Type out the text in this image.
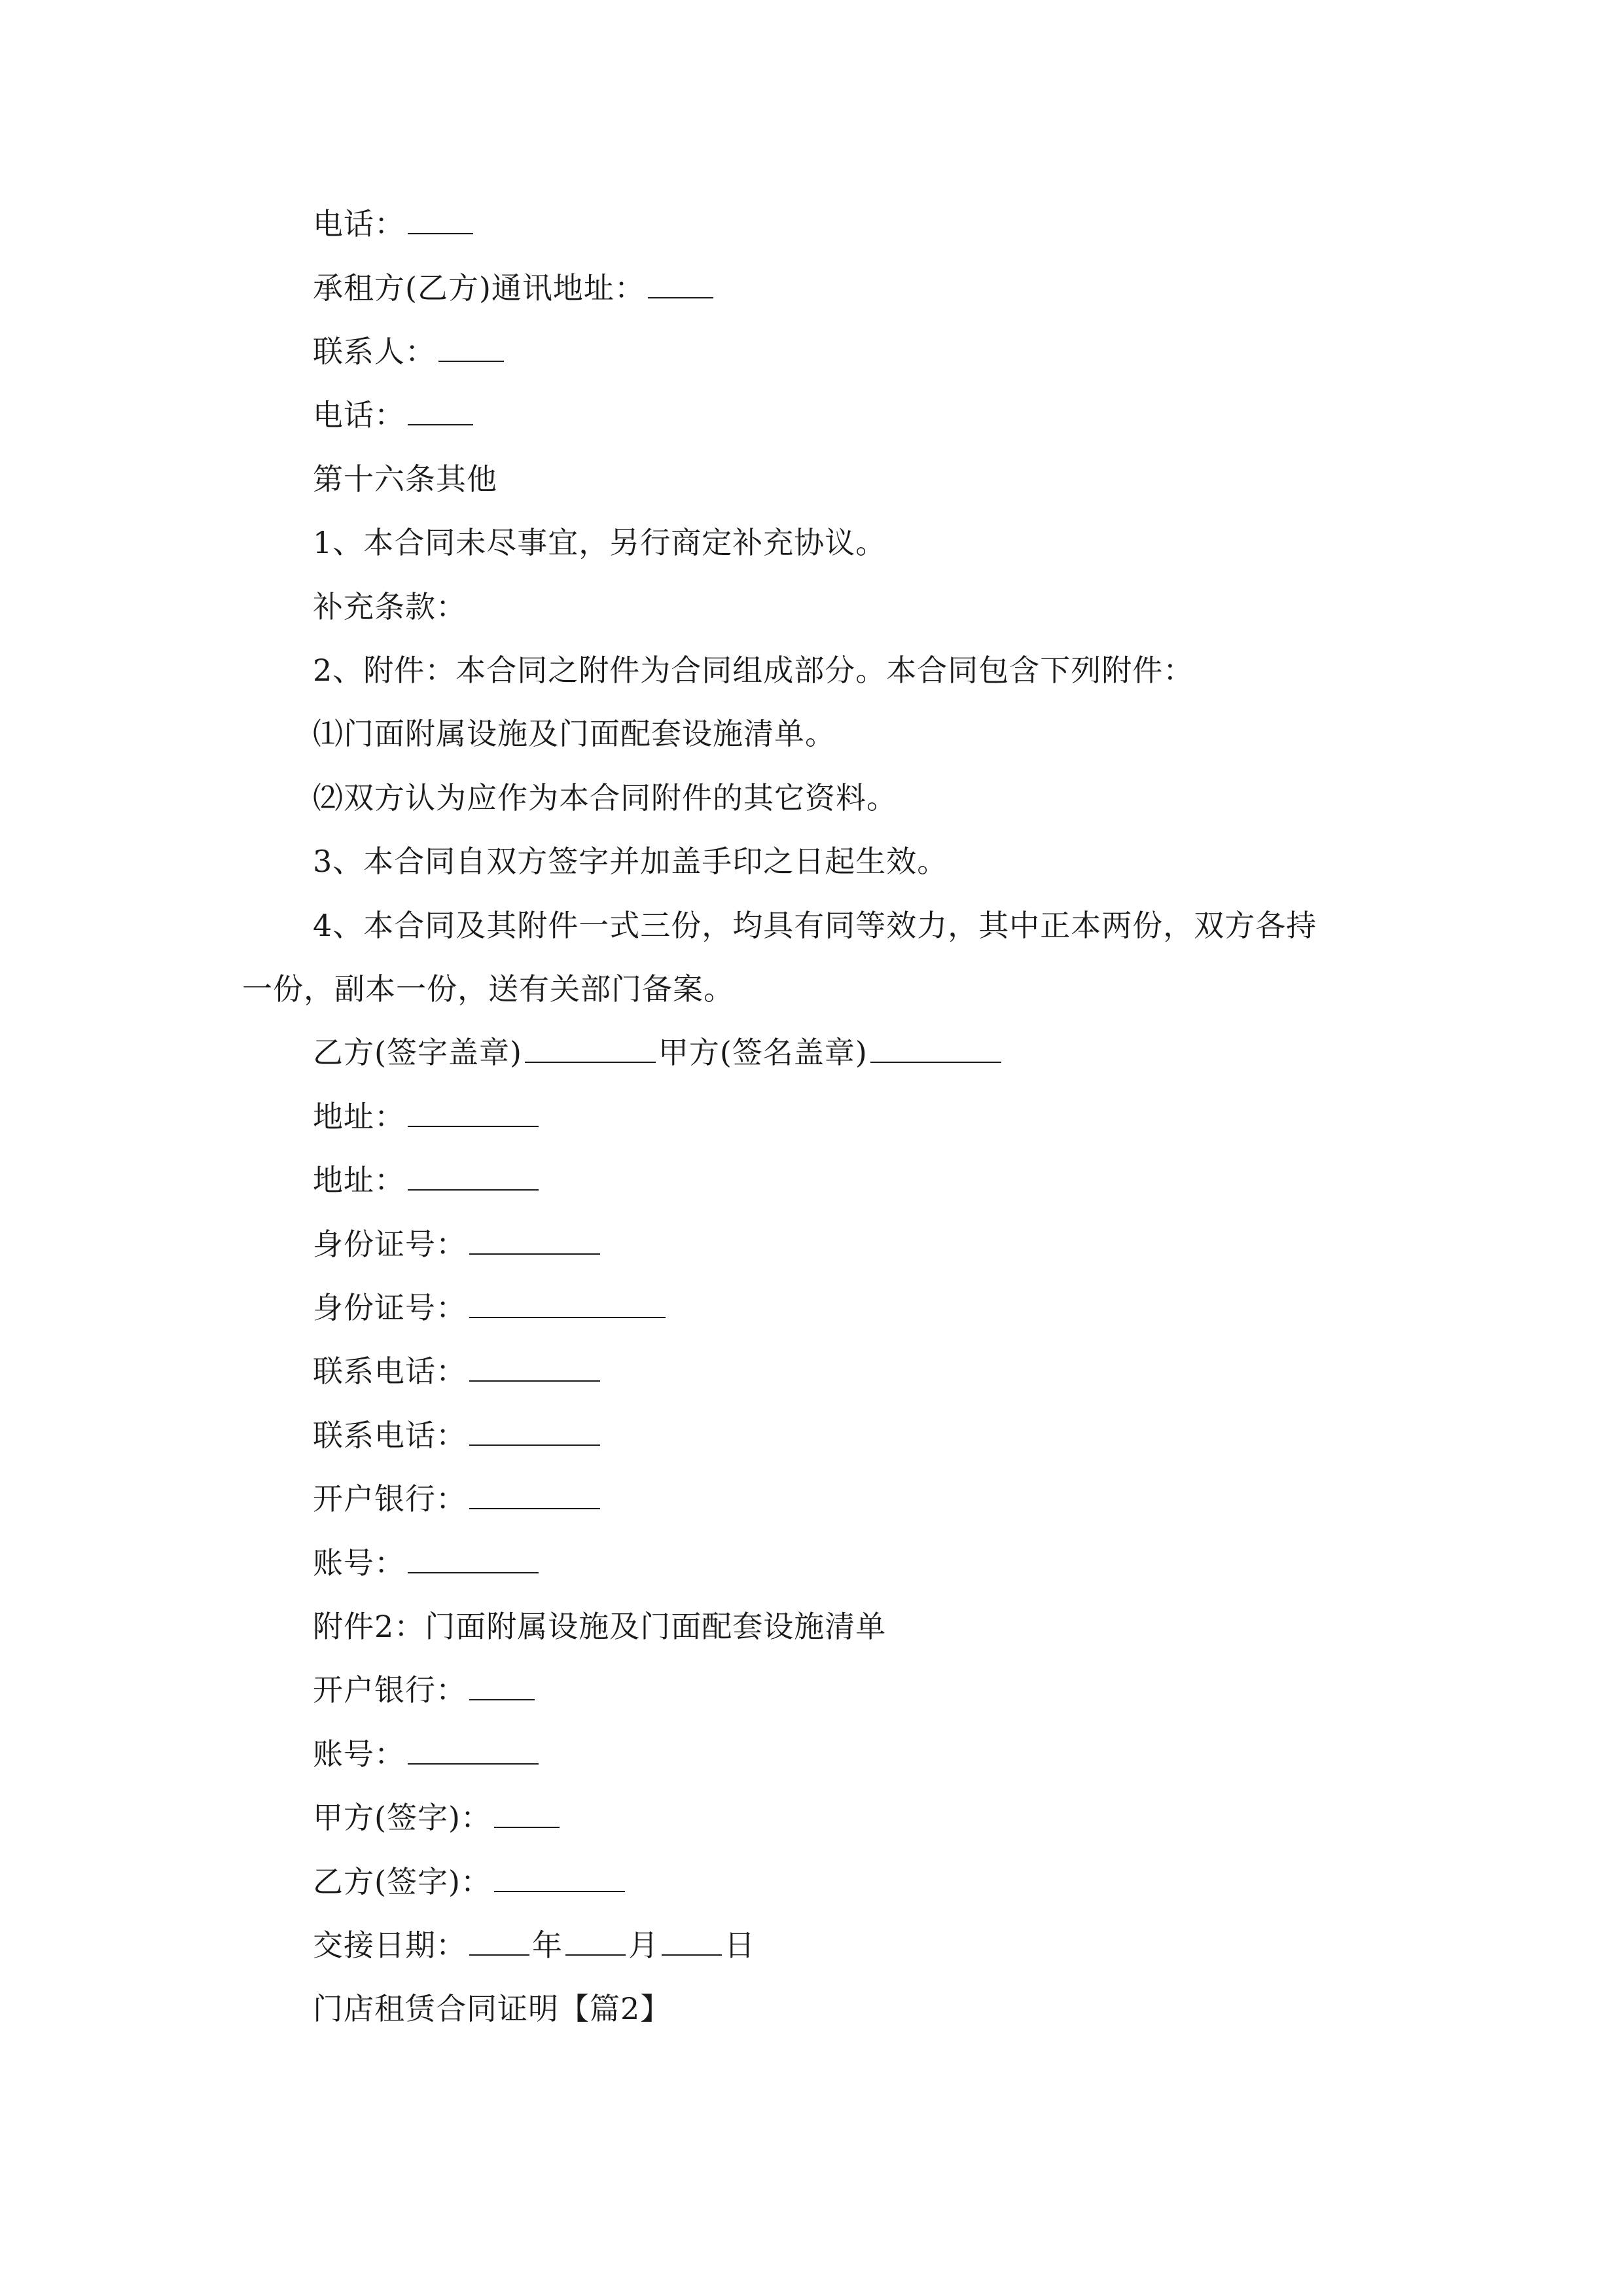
电话：
承租方(乙方)通讯地址：
联系人：
电话：
第十六条其他
1、本合同未尽事宜，另行商定补充协议。
补充条款：
2、附件：本合同之附件为合同组成部分。本合同包含下列附件：
⑴门面附属设施及门面配套设施清单。
⑵双方认为应作为本合同附件的其它资料。
3、本合同自双方签字并加盖手印之日起生效。
4、本合同及其附件一式三份，均具有同等效力，其中正本两份，双方各持
一份，副本一份，送有关部门备案。
乙方(签字盖章)	甲方(签名盖章)
地址：
地址：
身份证号：
身份证号：
联系电话：
联系电话：
开户银行：
账号：
附件2：门面附属设施及门面配套设施清单
开户银行：
账号：
甲方(签字)：
乙方(签字)：
交接日期： 年 月 日
门店租赁合同证明【篇2】
